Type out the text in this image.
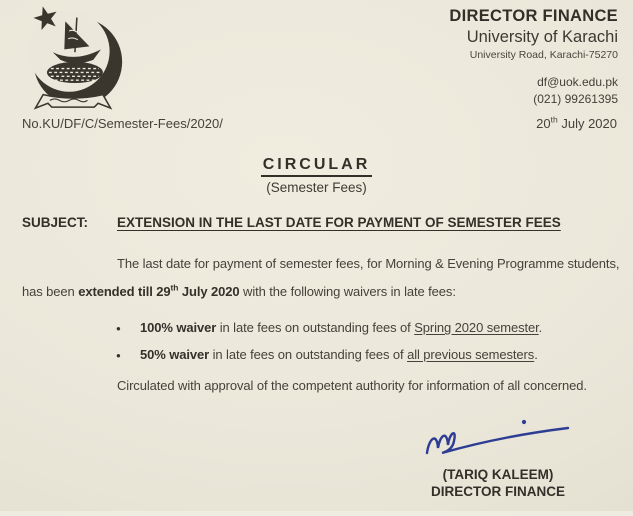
DIRECTOR FINANCE
University of Karachi
University Road, Karachi-75270
df@uok.edu.pk
(021) 99261395
No.KU/DF/C/Semester-Fees/2020/	20th July 2020
CIRCULAR
(Semester Fees)
SUBJECT:	EXTENSION IN THE LAST DATE FOR PAYMENT OF SEMESTER FEES
The last date for payment of semester fees, for Morning & Evening Programme students,
has been extended till 29th July 2020 with the following waivers in late fees:
● 100% waiver in late fees on outstanding fees of Spring 2020 semester.
● 50% waiver in late fees on outstanding fees of all previous semesters.
Circulated with approval of the competent authority for information of all concerned.
(TARIQ KALEEM)
DIRECTOR FINANCE
